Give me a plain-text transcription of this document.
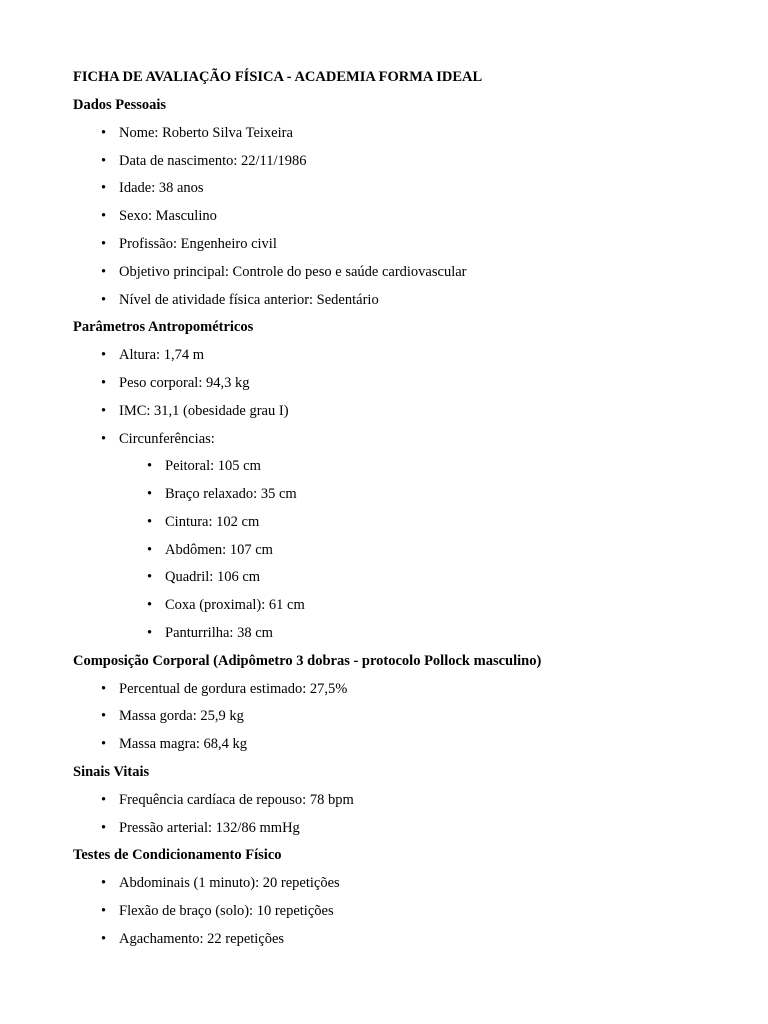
FICHA DE AVALIAÇÃO FÍSICA - ACADEMIA FORMA IDEAL
Dados Pessoais
• Nome: Roberto Silva Teixeira
• Data de nascimento: 22/11/1986
• Idade: 38 anos
• Sexo: Masculino
• Profissão: Engenheiro civil
• Objetivo principal: Controle do peso e saúde cardiovascular
• Nível de atividade física anterior: Sedentário
Parâmetros Antropométricos
• Altura: 1,74 m
• Peso corporal: 94,3 kg
• IMC: 31,1 (obesidade grau I)
• Circunferências:
• Peitoral: 105 cm
• Braço relaxado: 35 cm
• Cintura: 102 cm
• Abdômen: 107 cm
• Quadril: 106 cm
• Coxa (proximal): 61 cm
• Panturrilha: 38 cm
Composição Corporal (Adipômetro 3 dobras - protocolo Pollock masculino)
• Percentual de gordura estimado: 27,5%
• Massa gorda: 25,9 kg
• Massa magra: 68,4 kg
Sinais Vitais
• Frequência cardíaca de repouso: 78 bpm
• Pressão arterial: 132/86 mmHg
Testes de Condicionamento Físico
• Abdominais (1 minuto): 20 repetições
• Flexão de braço (solo): 10 repetições
• Agachamento: 22 repetições
